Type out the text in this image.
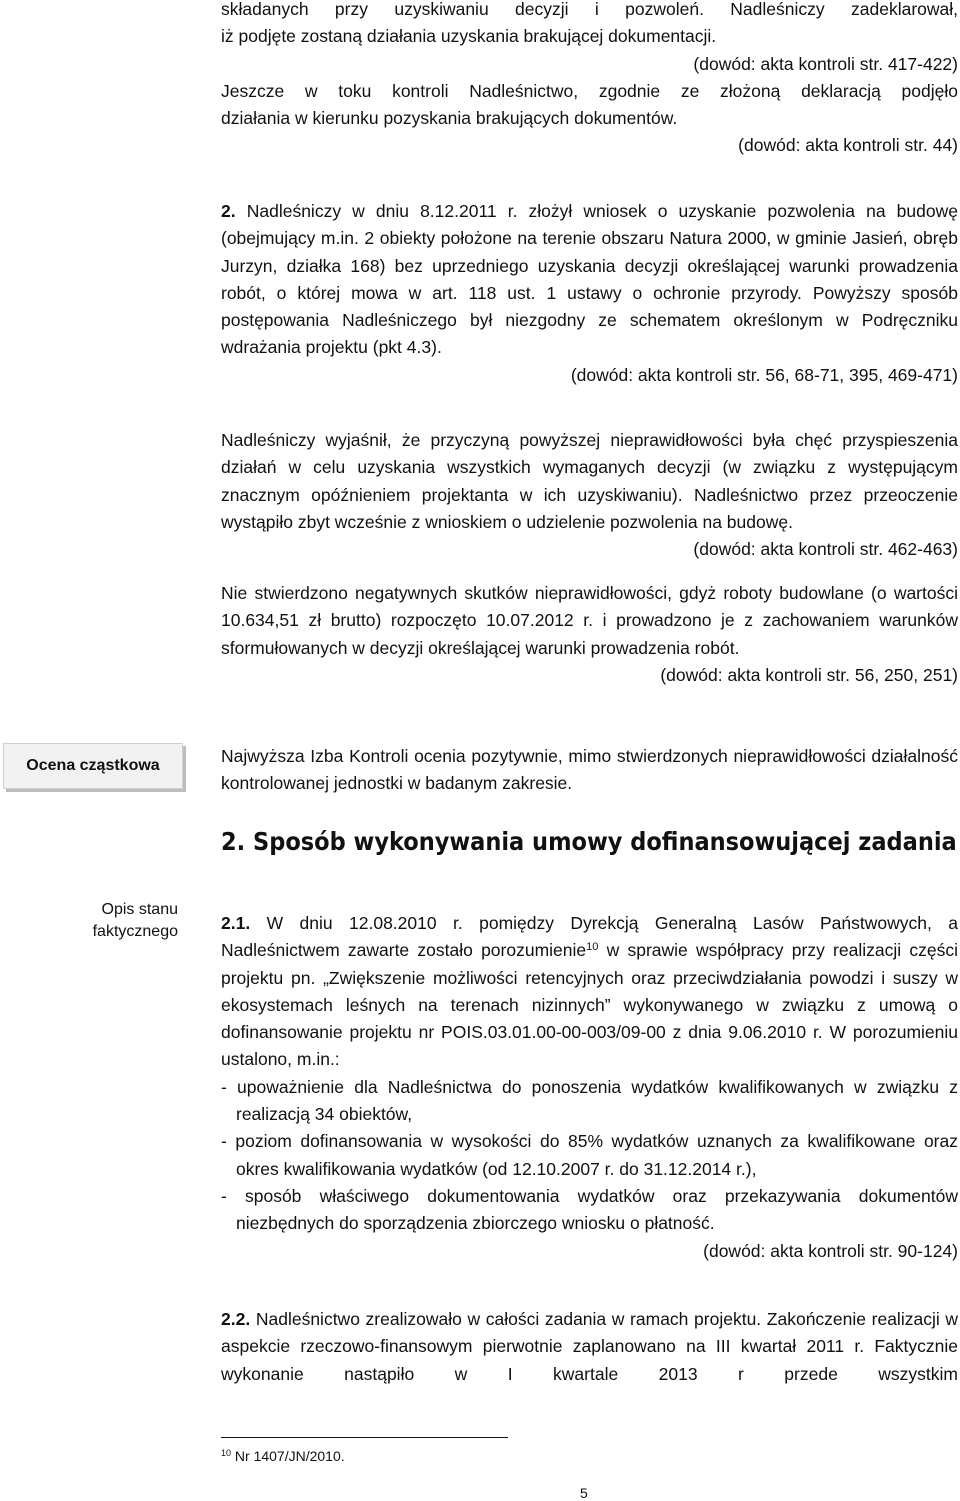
Ocena cząstkowa
Opis stanu
faktycznego

składanych przy uzyskiwaniu decyzji i pozwoleń. Nadleśniczy zadeklarował,

iż podjęte zostaną działania uzyskania brakującej dokumentacji.

(dowód: akta kontroli str. 417-422)

Jeszcze w toku kontroli Nadleśnictwo, zgodnie ze złożoną deklaracją podjęło

działania w kierunku pozyskania brakujących dokumentów.

(dowód: akta kontroli str. 44)

2. Nadleśniczy w dniu 8.12.2011 r. złożył wniosek o uzyskanie pozwolenia na budowę (obejmujący m.in. 2 obiekty położone na terenie obszaru Natura 2000, w gminie Jasień, obręb Jurzyn, działka 168) bez uprzedniego uzyskania decyzji określającej warunki prowadzenia robót, o której mowa w art. 118 ust. 1 ustawy o ochronie przyrody. Powyższy sposób postępowania Nadleśniczego był niezgodny ze schematem określonym w Podręczniku wdrażania projektu (pkt 4.3).

(dowód: akta kontroli str. 56, 68-71, 395, 469-471)

Nadleśniczy wyjaśnił, że przyczyną powyższej nieprawidłowości była chęć przyspieszenia działań w celu uzyskania wszystkich wymaganych decyzji (w związku z występującym znacznym opóźnieniem projektanta w ich uzyskiwaniu). Nadleśnictwo przez przeoczenie wystąpiło zbyt wcześnie z wnioskiem o udzielenie pozwolenia na budowę.

(dowód: akta kontroli str. 462-463)

Nie stwierdzono negatywnych skutków nieprawidłowości, gdyż roboty budowlane (o wartości 10.634,51 zł brutto) rozpoczęto 10.07.2012 r. i prowadzono je z zachowaniem warunków sformułowanych w decyzji określającej warunki prowadzenia robót.

(dowód: akta kontroli str. 56, 250, 251)

Najwyższa Izba Kontroli ocenia pozytywnie, mimo stwierdzonych nieprawidłowości działalność kontrolowanej jednostki w badanym zakresie.

2. Sposób wykonywania umowy dofinansowującej zadania

2.1. W dniu 12.08.2010 r. pomiędzy Dyrekcją Generalną Lasów Państwowych, a Nadleśnictwem zawarte zostało porozumienie$^{10}$ w sprawie współpracy przy realizacji części projektu pn. „Zwiększenie możliwości retencyjnych oraz przeciwdziałania powodzi i suszy w ekosystemach leśnych na terenach nizinnych” wykonywanego w związku z umową o dofinansowanie projektu nr POIS.03.01.00-00-003/09-00 z dnia 9.06.2010 r. W porozumieniu ustalono, m.in.:

- upoważnienie dla Nadleśnictwa do ponoszenia wydatków kwalifikowanych w związku z realizacją 34 obiektów,

- poziom dofinansowania w wysokości do 85% wydatków uznanych za kwalifikowane oraz okres kwalifikowania wydatków (od 12.10.2007 r. do 31.12.2014 r.),

- sposób właściwego dokumentowania wydatków oraz przekazywania dokumentów niezbędnych do sporządzenia zbiorczego wniosku o płatność.

(dowód: akta kontroli str. 90-124)

2.2. Nadleśnictwo zrealizowało w całości zadania w ramach projektu. Zakończenie realizacji w aspekcie rzeczowo-finansowym pierwotnie zaplanowano na III kwartał 2011 r. Faktycznie wykonanie nastąpiło w I kwartale 2013 r przede wszystkim

$^{10}$ Nr 1407/JN/2010.
5
